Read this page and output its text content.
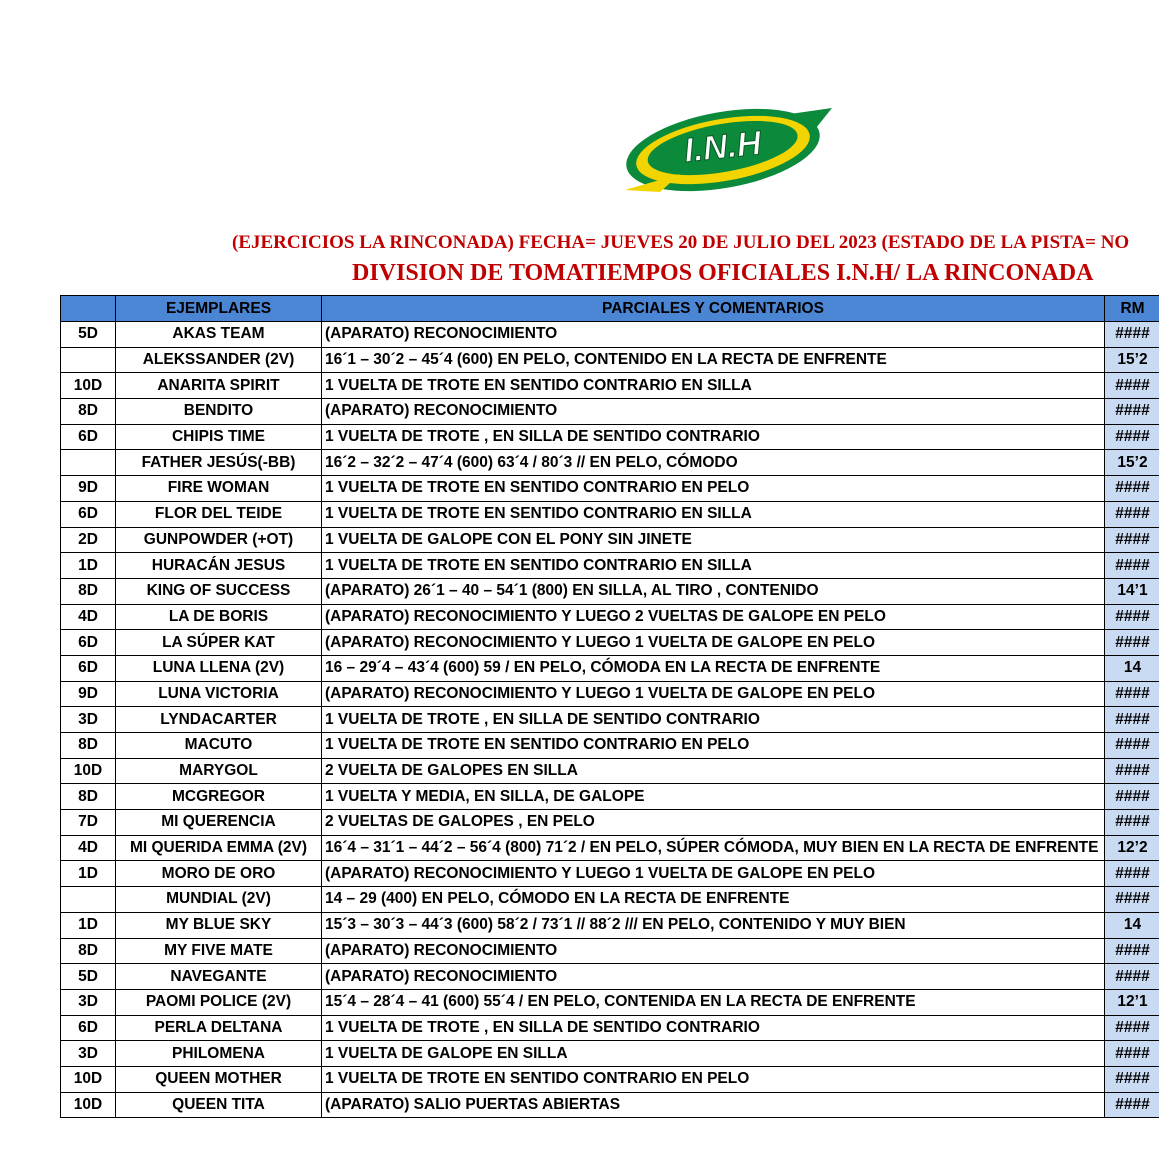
I.N.H
(EJERCICIOS LA RINCONADA) FECHA= JUEVES 20 DE JULIO DEL 2023 (ESTADO DE LA PISTA= NO
DIVISION DE TOMATIEMPOS OFICIALES I.N.H/ LA RINCONADA
	EJEMPLARES	PARCIALES Y COMENTARIOS	RM
5D	AKAS TEAM	(APARATO) RECONOCIMIENTO	####
	ALEKSSANDER (2V)	16´1 – 30´2 – 45´4 (600) EN PELO, CONTENIDO EN LA RECTA DE ENFRENTE	15’2
10D	ANARITA SPIRIT	1 VUELTA DE TROTE EN SENTIDO CONTRARIO EN SILLA	####
8D	BENDITO	(APARATO) RECONOCIMIENTO	####
6D	CHIPIS TIME	1 VUELTA DE TROTE , EN SILLA DE SENTIDO CONTRARIO	####
	FATHER JESÚS(-BB)	16´2 – 32´2 – 47´4 (600) 63´4 / 80´3 // EN PELO, CÓMODO	15’2
9D	FIRE WOMAN	1 VUELTA DE TROTE EN SENTIDO CONTRARIO EN PELO	####
6D	FLOR DEL TEIDE	1 VUELTA DE TROTE EN SENTIDO CONTRARIO EN SILLA	####
2D	GUNPOWDER (+OT)	1 VUELTA DE GALOPE CON EL PONY SIN JINETE	####
1D	HURACÁN JESUS	1 VUELTA DE TROTE EN SENTIDO CONTRARIO EN SILLA	####
8D	KING OF SUCCESS	(APARATO) 26´1 – 40 – 54´1 (800) EN SILLA, AL TIRO , CONTENIDO	14’1
4D	LA DE BORIS	(APARATO) RECONOCIMIENTO Y LUEGO 2 VUELTAS DE GALOPE EN PELO	####
6D	LA SÚPER KAT	(APARATO) RECONOCIMIENTO Y LUEGO 1 VUELTA DE GALOPE EN PELO	####
6D	LUNA LLENA (2V)	16 – 29´4 – 43´4 (600) 59 / EN PELO, CÓMODA EN LA RECTA DE ENFRENTE	14
9D	LUNA VICTORIA	(APARATO) RECONOCIMIENTO Y LUEGO 1 VUELTA DE GALOPE EN PELO	####
3D	LYNDACARTER	1 VUELTA DE TROTE , EN SILLA DE SENTIDO CONTRARIO	####
8D	MACUTO	1 VUELTA DE TROTE EN SENTIDO CONTRARIO EN PELO	####
10D	MARYGOL	2 VUELTA DE GALOPES EN SILLA	####
8D	MCGREGOR	1 VUELTA Y MEDIA, EN SILLA, DE GALOPE	####
7D	MI QUERENCIA	2 VUELTAS DE GALOPES , EN PELO	####
4D	MI QUERIDA EMMA (2V)	16´4 – 31´1 – 44´2 – 56´4 (800) 71´2 / EN PELO, SÚPER CÓMODA, MUY BIEN EN LA RECTA DE ENFRENTE	12’2
1D	MORO DE ORO	(APARATO) RECONOCIMIENTO Y LUEGO 1 VUELTA DE GALOPE EN PELO	####
	MUNDIAL (2V)	14 – 29 (400) EN PELO, CÓMODO EN LA RECTA DE ENFRENTE	####
1D	MY BLUE SKY	15´3 – 30´3 – 44´3 (600) 58´2 / 73´1 // 88´2 /// EN PELO, CONTENIDO Y MUY BIEN	14
8D	MY FIVE MATE	(APARATO) RECONOCIMIENTO	####
5D	NAVEGANTE	(APARATO) RECONOCIMIENTO	####
3D	PAOMI POLICE (2V)	15´4 – 28´4 – 41 (600) 55´4 / EN PELO, CONTENIDA EN LA RECTA DE ENFRENTE	12’1
6D	PERLA DELTANA	1 VUELTA DE TROTE , EN SILLA DE SENTIDO CONTRARIO	####
3D	PHILOMENA	1 VUELTA DE GALOPE EN SILLA	####
10D	QUEEN MOTHER	1 VUELTA DE TROTE EN SENTIDO CONTRARIO EN PELO	####
10D	QUEEN TITA	(APARATO) SALIO PUERTAS ABIERTAS	####
